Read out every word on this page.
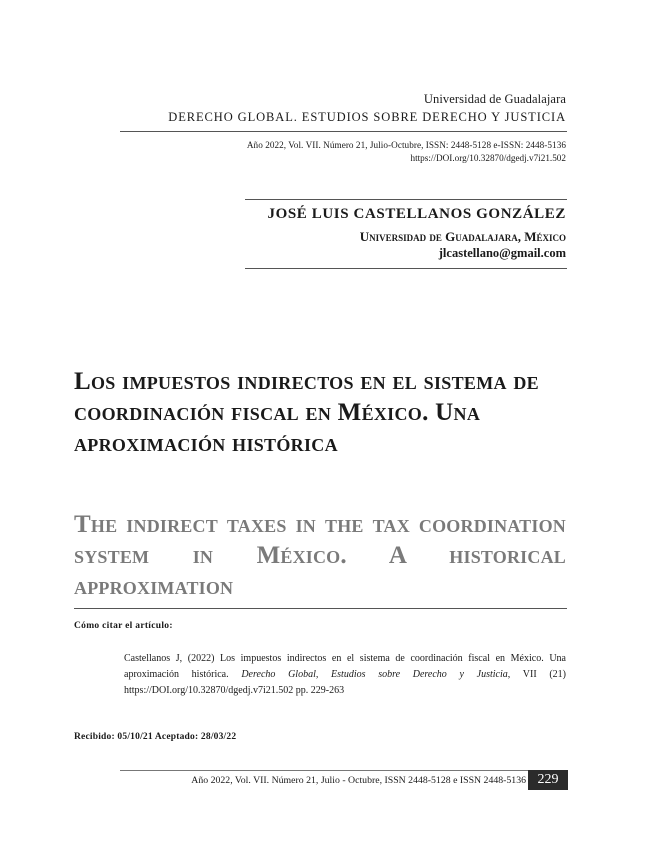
Universidad de Guadalajara
DERECHO GLOBAL. ESTUDIOS SOBRE DERECHO Y JUSTICIA
Año 2022, Vol. VII. Número 21, Julio-Octubre, ISSN: 2448-5128 e-ISSN: 2448-5136
https://DOI.org/10.32870/dgedj.v7i21.502
JOSÉ LUIS CASTELLANOS GONZÁLEZ
Universidad de Guadalajara, México
jlcastellano@gmail.com
Los impuestos indirectos en el sistema de coordinación fiscal en México. Una aproximación histórica
The indirect taxes in the tax coordination system in México. A historical approximation
Cómo citar el artículo:
Castellanos J, (2022) Los impuestos indirectos en el sistema de coordinación fiscal en México. Una aproximación histórica. Derecho Global, Estudios sobre Derecho y Justicia, VII (21) https://DOI.org/10.32870/dgedj.v7i21.502 pp. 229-263
Recibido: 05/10/21 Aceptado: 28/03/22
Año 2022, Vol. VII. Número 21, Julio - Octubre, ISSN 2448-5128 e ISSN 2448-5136 229
